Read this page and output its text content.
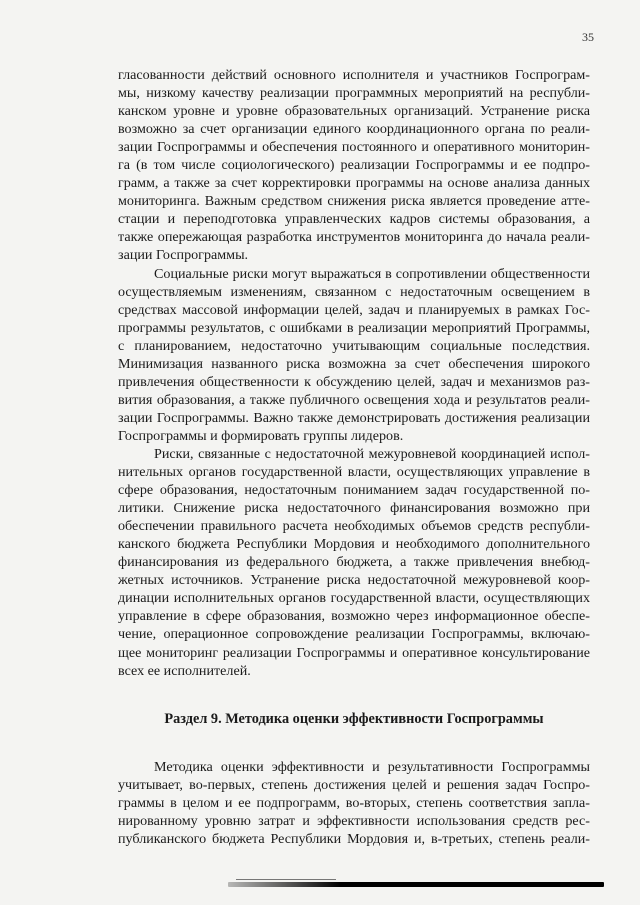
35

гласованности действий основного исполнителя и участников Госпрограм-

мы, низкому качеству реализации программных мероприятий на республи-

канском уровне и уровне образовательных организаций. Устранение риска

возможно за счет организации единого координационного органа по реали-

зации Госпрограммы и обеспечения постоянного и оперативного мониторин-

га (в том числе социологического) реализации Госпрограммы и ее подпро-

грамм, а также за счет корректировки программы на основе анализа данных

мониторинга. Важным средством снижения риска является проведение атте-

стации и переподготовка управленческих кадров системы образования, а

также опережающая разработка инструментов мониторинга до начала реали-

зации Госпрограммы.

Социальные риски могут выражаться в сопротивлении общественности

осуществляемым изменениям, связанном с недостаточным освещением в

средствах массовой информации целей, задач и планируемых в рамках Гос-

программы результатов, с ошибками в реализации мероприятий Программы,

с планированием, недостаточно учитывающим социальные последствия.

Минимизация названного риска возможна за счет обеспечения широкого

привлечения общественности к обсуждению целей, задач и механизмов раз-

вития образования, а также публичного освещения хода и результатов реали-

зации Госпрограммы. Важно также демонстрировать достижения реализации

Госпрограммы и формировать группы лидеров.

Риски, связанные с недостаточной межуровневой координацией испол-

нительных органов государственной власти, осуществляющих управление в

сфере образования, недостаточным пониманием задач государственной по-

литики. Снижение риска недостаточного финансирования возможно при

обеспечении правильного расчета необходимых объемов средств республи-

канского бюджета Республики Мордовия и необходимого дополнительного

финансирования из федерального бюджета, а также привлечения внебюд-

жетных источников. Устранение риска недостаточной межуровневой коор-

динации исполнительных органов государственной власти, осуществляющих

управление в сфере образования, возможно через информационное обеспе-

чение, операционное сопровождение реализации Госпрограммы, включаю-

щее мониторинг реализации Госпрограммы и оперативное консультирование

всех ее исполнителей.

Раздел 9. Методика оценки эффективности Госпрограммы

Методика оценки эффективности и результативности Госпрограммы

учитывает, во-первых, степень достижения целей и решения задач Госпро-

граммы в целом и ее подпрограмм, во-вторых, степень соответствия запла-

нированному уровню затрат и эффективности использования средств рес-

публиканского бюджета Республики Мордовия и, в-третьих, степень реали-
